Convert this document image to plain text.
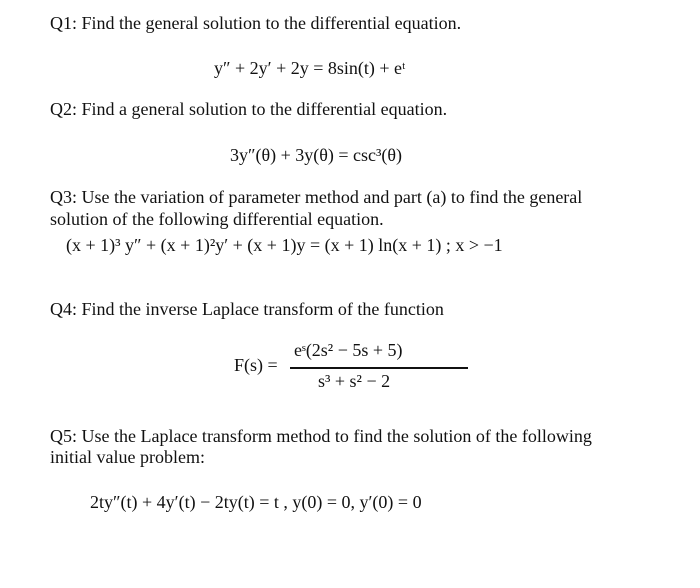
Q1: Find the general solution to the differential equation.
y″ + 2y′ + 2y = 8sin(t) + eᵗ
Q2: Find a general solution to the differential equation.
3y″(θ) + 3y(θ) = csc³(θ)
Q3: Use the variation of parameter method and part (a) to find the general
solution of the following differential equation.
(x + 1)³ y″ + (x + 1)²y′ + (x + 1)y = (x + 1) ln(x + 1) ; x > −1
Q4: Find the inverse Laplace transform of the function
F(s) =
eˢ(2s² − 5s + 5)
s³ + s² − 2
Q5: Use the Laplace transform method to find the solution of the following
initial value problem:
2ty″(t) + 4y′(t) − 2ty(t) = t , y(0) = 0, y′(0) = 0
